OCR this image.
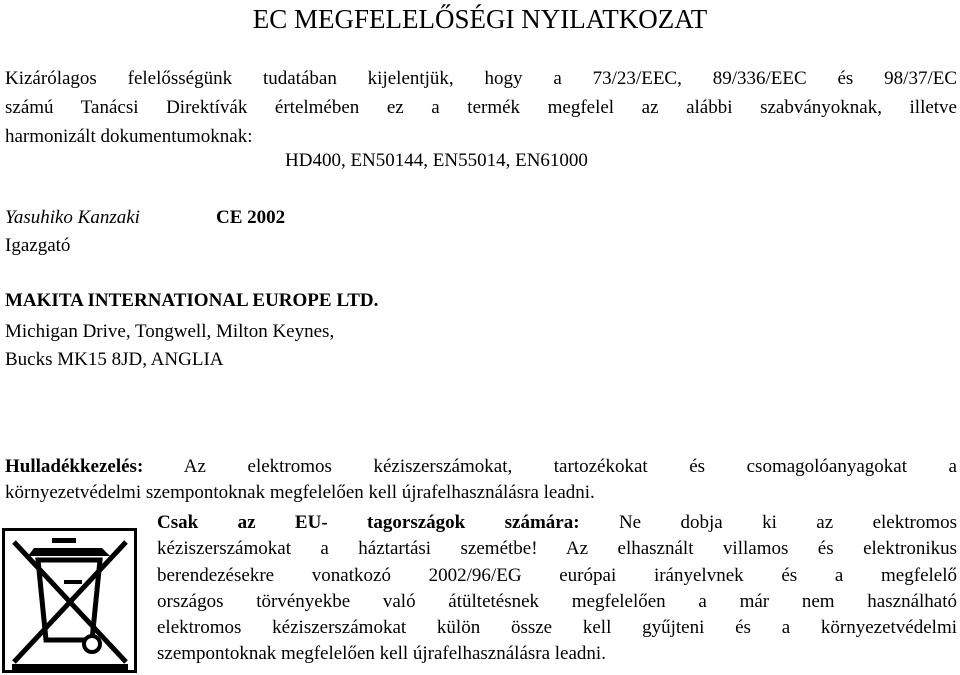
EC MEGFELELŐSÉGI NYILATKOZAT
Kizárólagos felelősségünk tudatában kijelentjük, hogy a 73/23/EEC, 89/336/EEC és 98/37/EC
számú Tanácsi Direktívák értelmében ez a termék megfelel az alábbi szabványoknak, illetve
harmonizált dokumentumoknak:
HD400, EN50144, EN55014, EN61000
Yasuhiko Kanzaki	CE 2002
Igazgató
MAKITA INTERNATIONAL EUROPE LTD.
Michigan Drive, Tongwell, Milton Keynes,
Bucks MK15 8JD, ANGLIA
Hulladékkezelés: Az elektromos kéziszerszámokat, tartozékokat és csomagolóanyagokat a
környezetvédelmi szempontoknak megfelelően kell újrafelhasználásra leadni.
Csak az EU- tagországok számára: Ne dobja ki az elektromos
kéziszerszámokat a háztartási szemétbe! Az elhasznált villamos és elektronikus
berendezésekre vonatkozó 2002/96/EG európai irányelvnek és a megfelelő
országos törvényekbe való átültetésnek megfelelően a már nem használható
elektromos kéziszerszámokat külön össze kell gyűjteni és a környezetvédelmi
szempontoknak megfelelően kell újrafelhasználásra leadni.
